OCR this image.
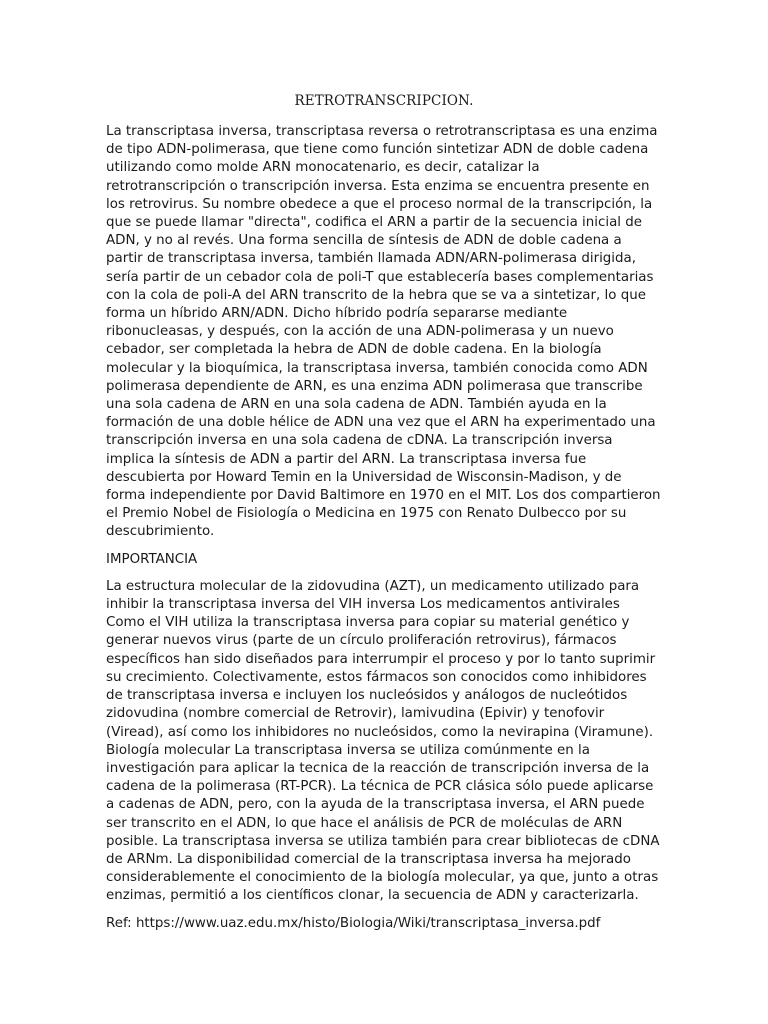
RETROTRANSCRIPCION.

La transcriptasa inversa, transcriptasa reversa o retrotranscriptasa es una enzima de tipo ADN-polimerasa, que tiene como función sintetizar ADN de doble cadena utilizando como molde ARN monocatenario, es decir, catalizar la retrotranscripción o transcripción inversa. Esta enzima se encuentra presente en los retrovirus. Su nombre obedece a que el proceso normal de la transcripción, la que se puede llamar "directa", codifica el ARN a partir de la secuencia inicial de ADN, y no al revés. Una forma sencilla de síntesis de ADN de doble cadena a partir de transcriptasa inversa, también llamada ADN/ARN-polimerasa dirigida, sería partir de un cebador cola de poli-T que establecería bases complementarias con la cola de poli-A del ARN transcrito de la hebra que se va a sintetizar, lo que forma un híbrido ARN/ADN. Dicho híbrido podría separarse mediante ribonucleasas, y después, con la acción de una ADN-polimerasa y un nuevo cebador, ser completada la hebra de ADN de doble cadena. En la biología molecular y la bioquímica, la transcriptasa inversa, también conocida como ADN polimerasa dependiente de ARN, es una enzima ADN polimerasa que transcribe una sola cadena de ARN en una sola cadena de ADN. También ayuda en la formación de una doble hélice de ADN una vez que el ARN ha experimentado una transcripción inversa en una sola cadena de cDNA. La transcripción inversa implica la síntesis de ADN a partir del ARN. La transcriptasa inversa fue descubierta por Howard Temin en la Universidad de Wisconsin-Madison, y de forma independiente por David Baltimore en 1970 en el MIT. Los dos compartieron el Premio Nobel de Fisiología o Medicina en 1975 con Renato Dulbecco por su descubrimiento.

IMPORTANCIA

La estructura molecular de la zidovudina (AZT), un medicamento utilizado para inhibir la transcriptasa inversa del VIH inversa Los medicamentos antivirales Como el VIH utiliza la transcriptasa inversa para copiar su material genético y generar nuevos virus (parte de un círculo proliferación retrovirus), fármacos específicos han sido diseñados para interrumpir el proceso y por lo tanto suprimir su crecimiento. Colectivamente, estos fármacos son conocidos como inhibidores de transcriptasa inversa e incluyen los nucleósidos y análogos de nucleótidos zidovudina (nombre comercial de Retrovir), lamivudina (Epivir) y tenofovir (Viread), así como los inhibidores no nucleósidos, como la nevirapina (Viramune). Biología molecular La transcriptasa inversa se utiliza comúnmente en la investigación para aplicar la tecnica de la reacción de transcripción inversa de la cadena de la polimerasa (RT-PCR). La técnica de PCR clásica sólo puede aplicarse a cadenas de ADN, pero, con la ayuda de la transcriptasa inversa, el ARN puede ser transcrito en el ADN, lo que hace el análisis de PCR de moléculas de ARN posible. La transcriptasa inversa se utiliza también para crear bibliotecas de cDNA de ARNm. La disponibilidad comercial de la transcriptasa inversa ha mejorado considerablemente el conocimiento de la biología molecular, ya que, junto a otras enzimas, permitió a los científicos clonar, la secuencia de ADN y caracterizarla.

Ref: https://www.uaz.edu.mx/histo/Biologia/Wiki/transcriptasa_inversa.pdf
